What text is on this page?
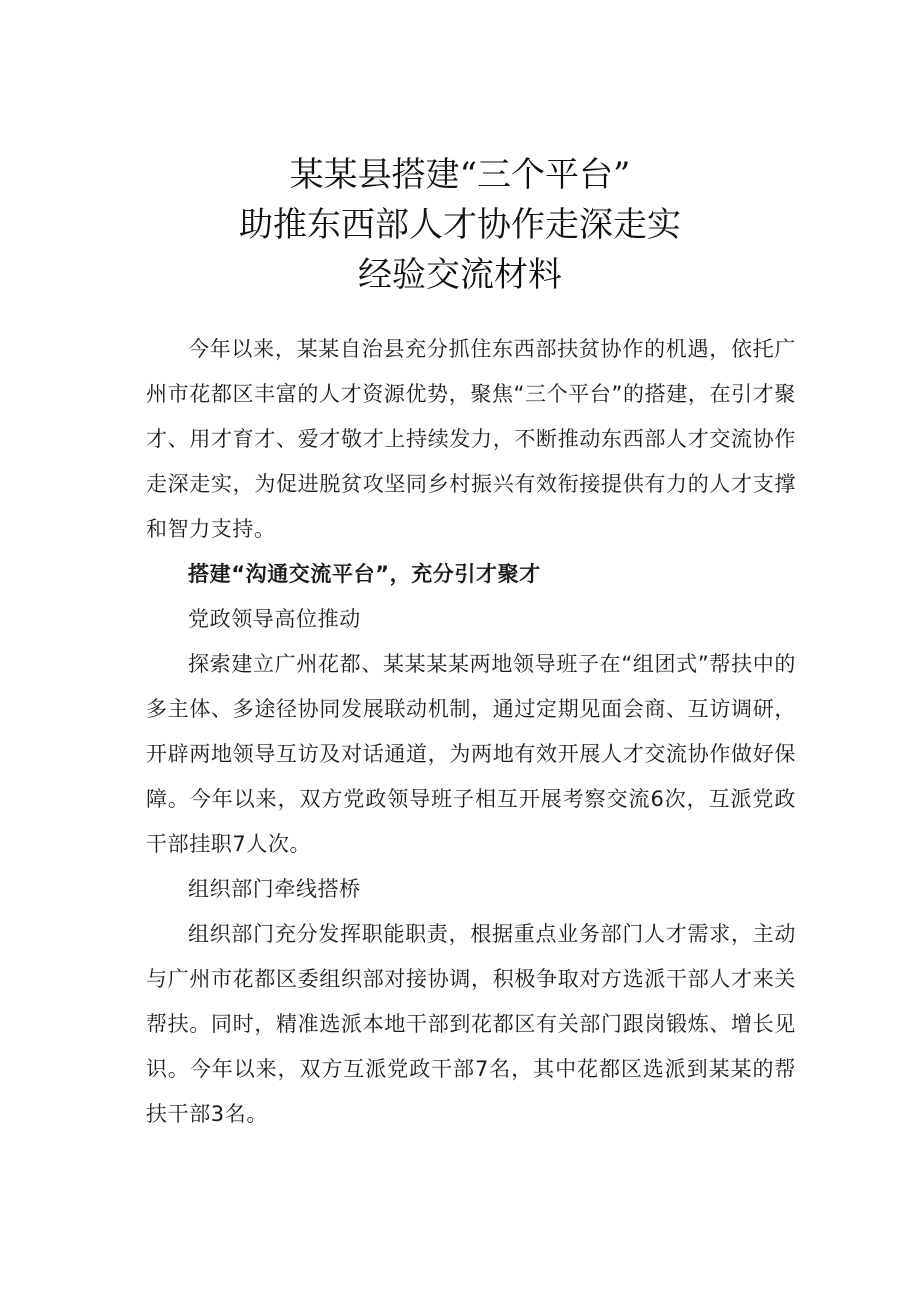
某某县搭建“三个平台”
助推东西部人才协作走深走实
经验交流材料

今年以来，某某自治县充分抓住东西部扶贫协作的机遇，依托广州市花都区丰富的人才资源优势，聚焦“三个平台”的搭建，在引才聚才、用才育才、爱才敬才上持续发力，不断推动东西部人才交流协作走深走实，为促进脱贫攻坚同乡村振兴有效衔接提供有力的人才支撑和智力支持。

搭建“沟通交流平台”，充分引才聚才

党政领导高位推动

探索建立广州花都、某某某某两地领导班子在“组团式”帮扶中的多主体、多途径协同发展联动机制，通过定期见面会商、互访调研，开辟两地领导互访及对话通道，为两地有效开展人才交流协作做好保障。今年以来，双方党政领导班子相互开展考察交流6次，互派党政干部挂职7人次。

组织部门牵线搭桥

组织部门充分发挥职能职责，根据重点业务部门人才需求，主动与广州市花都区委组织部对接协调，积极争取对方选派干部人才来关帮扶。同时，精准选派本地干部到花都区有关部门跟岗锻炼、增长见识。今年以来，双方互派党政干部7名，其中花都区选派到某某的帮扶干部3名。
